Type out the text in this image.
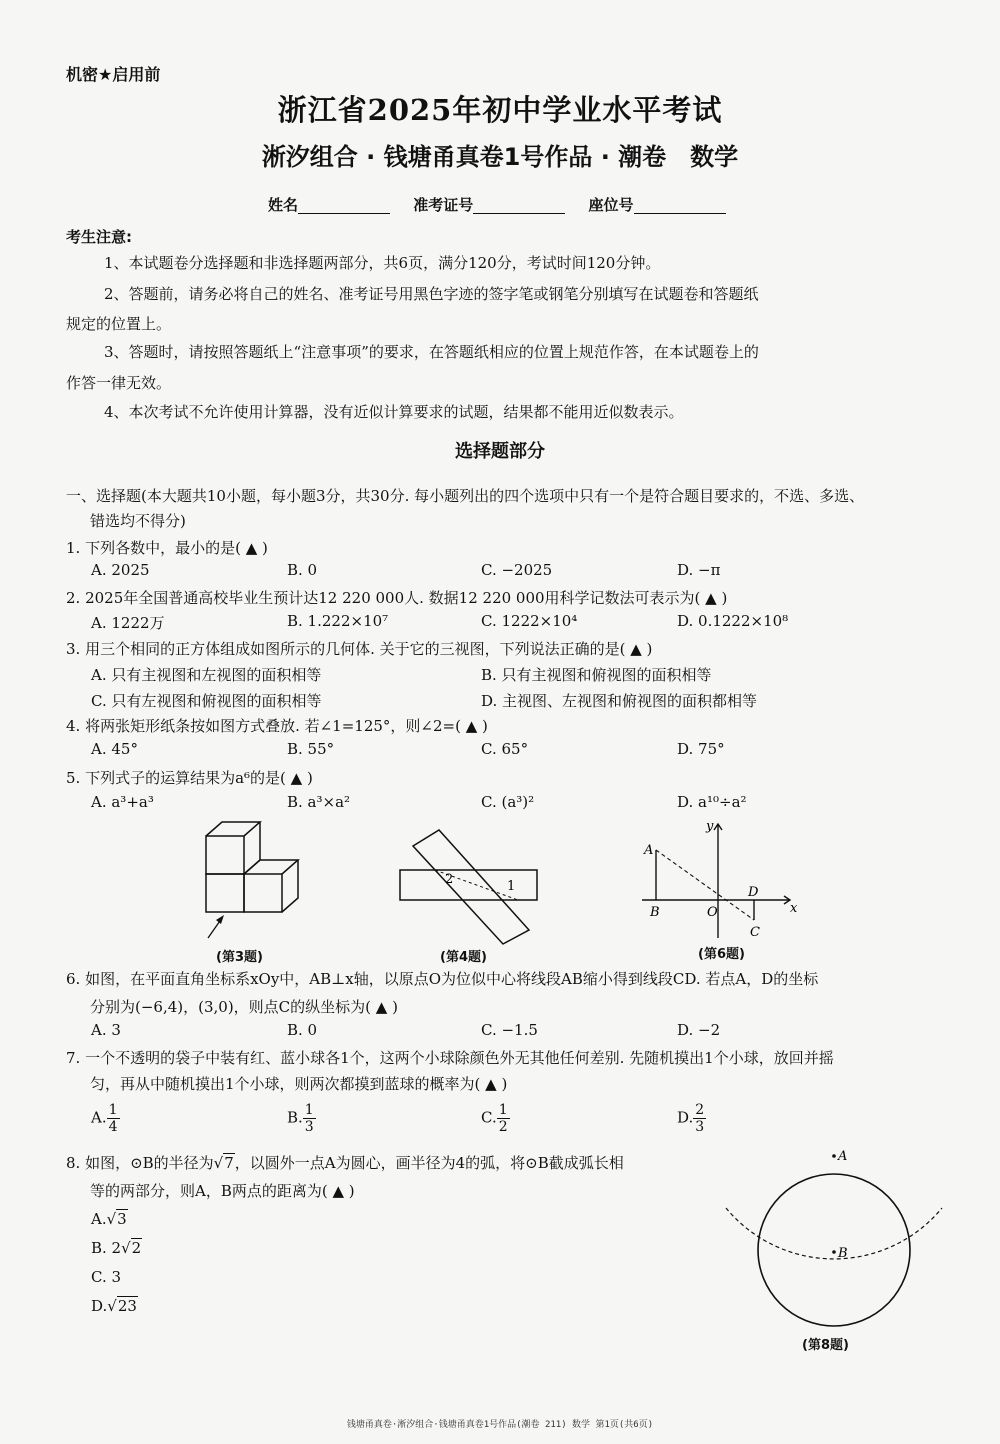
机密★启用前
浙江省2025年初中学业水平考试
淅汐组合 · 钱塘甬真卷1号作品 · 潮卷 数学
姓名	准考证号	座位号
考生注意:
1、本试题卷分选择题和非选择题两部分，共6页，满分120分，考试时间120分钟。
2、答题前，请务必将自己的姓名、准考证号用黑色字迹的签字笔或钢笔分别填写在试题卷和答题纸
规定的位置上。
3、答题时，请按照答题纸上“注意事项”的要求，在答题纸相应的位置上规范作答，在本试题卷上的
作答一律无效。
4、本次考试不允许使用计算器，没有近似计算要求的试题，结果都不能用近似数表示。
选择题部分
一、选择题(本大题共10小题，每小题3分，共30分. 每小题列出的四个选项中只有一个是符合题目要求的，不选、多选、
错选均不得分)
1. 下列各数中，最小的是( ▲ )
A. 2025	B. 0	C. −2025	D. −π
2. 2025年全国普通高校毕业生预计达12 220 000人. 数据12 220 000用科学记数法可表示为( ▲ )
A. 1222万	B. 1.222×10⁷	C. 1222×10⁴	D. 0.1222×10⁸
3. 用三个相同的正方体组成如图所示的几何体. 关于它的三视图，下列说法正确的是( ▲ )
A. 只有主视图和左视图的面积相等	B. 只有主视图和俯视图的面积相等
C. 只有左视图和俯视图的面积相等	D. 主视图、左视图和俯视图的面积都相等
4. 将两张矩形纸条按如图方式叠放. 若∠1=125°，则∠2=( ▲ )
A. 45°	B. 55°	C. 65°	D. 75°
5. 下列式子的运算结果为a⁶的是( ▲ )
A. a³+a³	B. a³×a²	C. (a³)²	D. a¹⁰÷a²
(第3题)
2	1
(第4题)
A
B	O
D
C
x
y
(第6题)
6. 如图，在平面直角坐标系xOy中，AB⊥x轴，以原点O为位似中心将线段AB缩小得到线段CD. 若点A，D的坐标
分别为(−6,4)，(3,0)，则点C的纵坐标为( ▲ )
A. 3	B. 0	C. −1.5	D. −2
7. 一个不透明的袋子中装有红、蓝小球各1个，这两个小球除颜色外无其他任何差别. 先随机摸出1个小球，放回并摇
匀，再从中随机摸出1个小球，则两次都摸到蓝球的概率为( ▲ )
A. $\frac{1}{4}$	B. $\frac{1}{3}$	C. $\frac{1}{2}$	D. $\frac{2}{3}$
8. 如图，⊙B的半径为√7，以圆外一点A为圆心，画半径为4的弧，将⊙B截成弧长相
等的两部分，则A，B两点的距离为( ▲ )
A.√3
B. 2√2
C. 3
D.√23
A
B
(第8题)
钱塘甬真卷·淅汐组合·钱塘甬真卷1号作品(潮卷 211) 数学 第1页(共6页)
